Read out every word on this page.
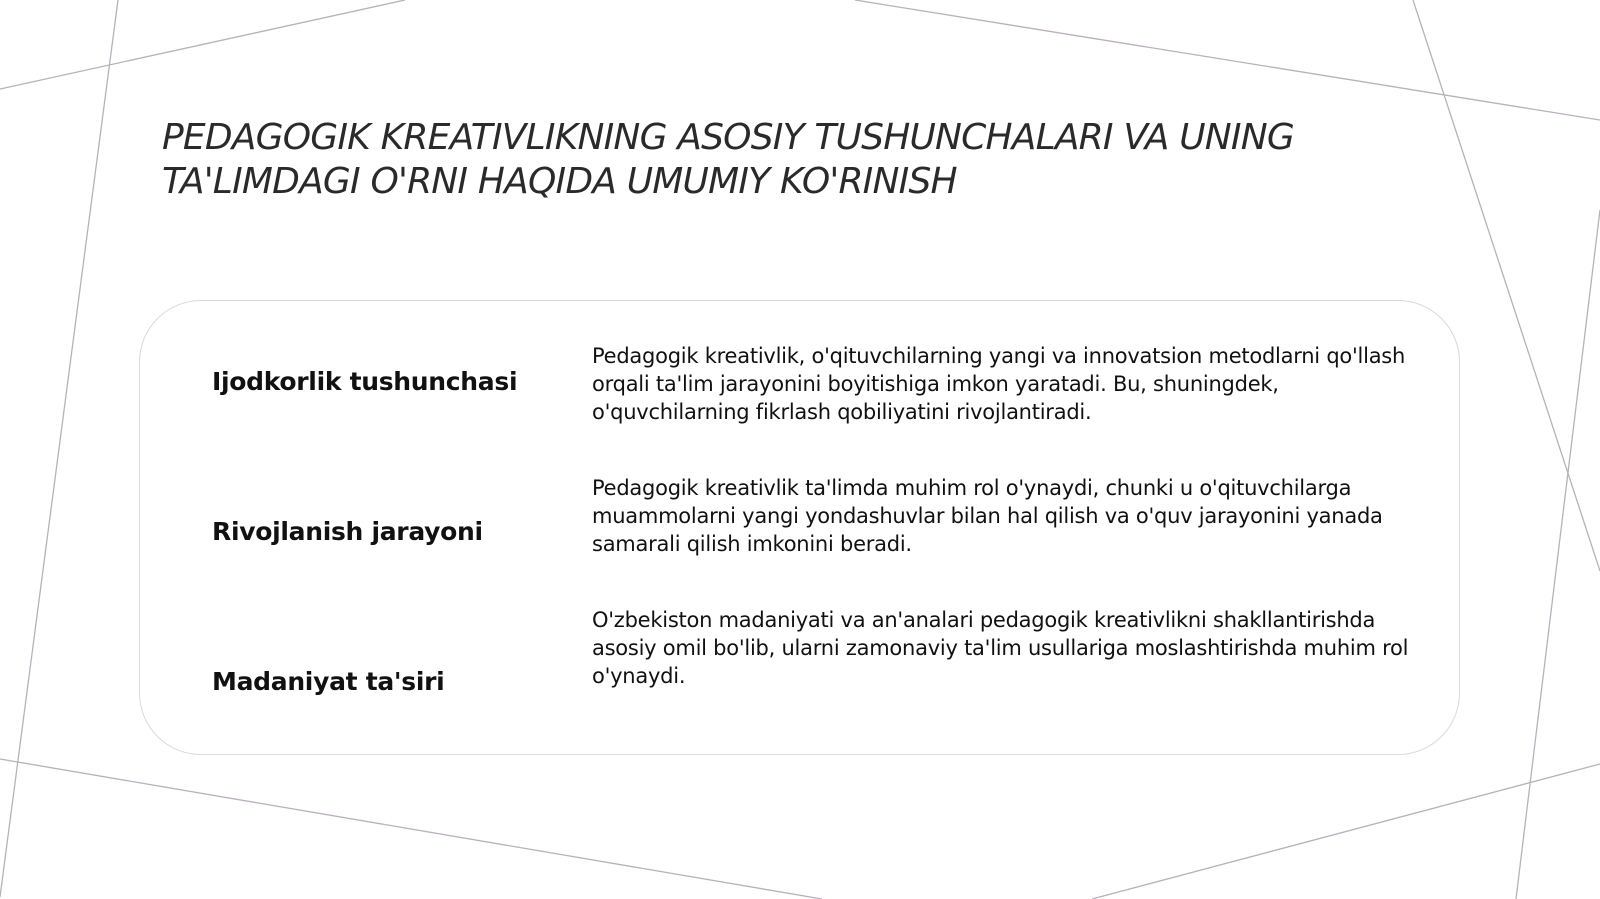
PEDAGOGIK KREATIVLIKNING ASOSIY TUSHUNCHALARI VA UNING TA'LIMDAGI O'RNI HAQIDA UMUMIY KO'RINISH
Ijodkorlik tushunchasi
Pedagogik kreativlik, o'qituvchilarning yangi va innovatsion metodlarni qo'llash orqali ta'lim jarayonini boyitishiga imkon yaratadi. Bu, shuningdek, o'quvchilarning fikrlash qobiliyatini rivojlantiradi.
Rivojlanish jarayoni
Pedagogik kreativlik ta'limda muhim rol o'ynaydi, chunki u o'qituvchilarga muammolarni yangi yondashuvlar bilan hal qilish va o'quv jarayonini yanada samarali qilish imkonini beradi.
Madaniyat ta'siri
O'zbekiston madaniyati va an'analari pedagogik kreativlikni shakllantirishda asosiy omil bo'lib, ularni zamonaviy ta'lim usullariga moslashtirishda muhim rol o'ynaydi.
